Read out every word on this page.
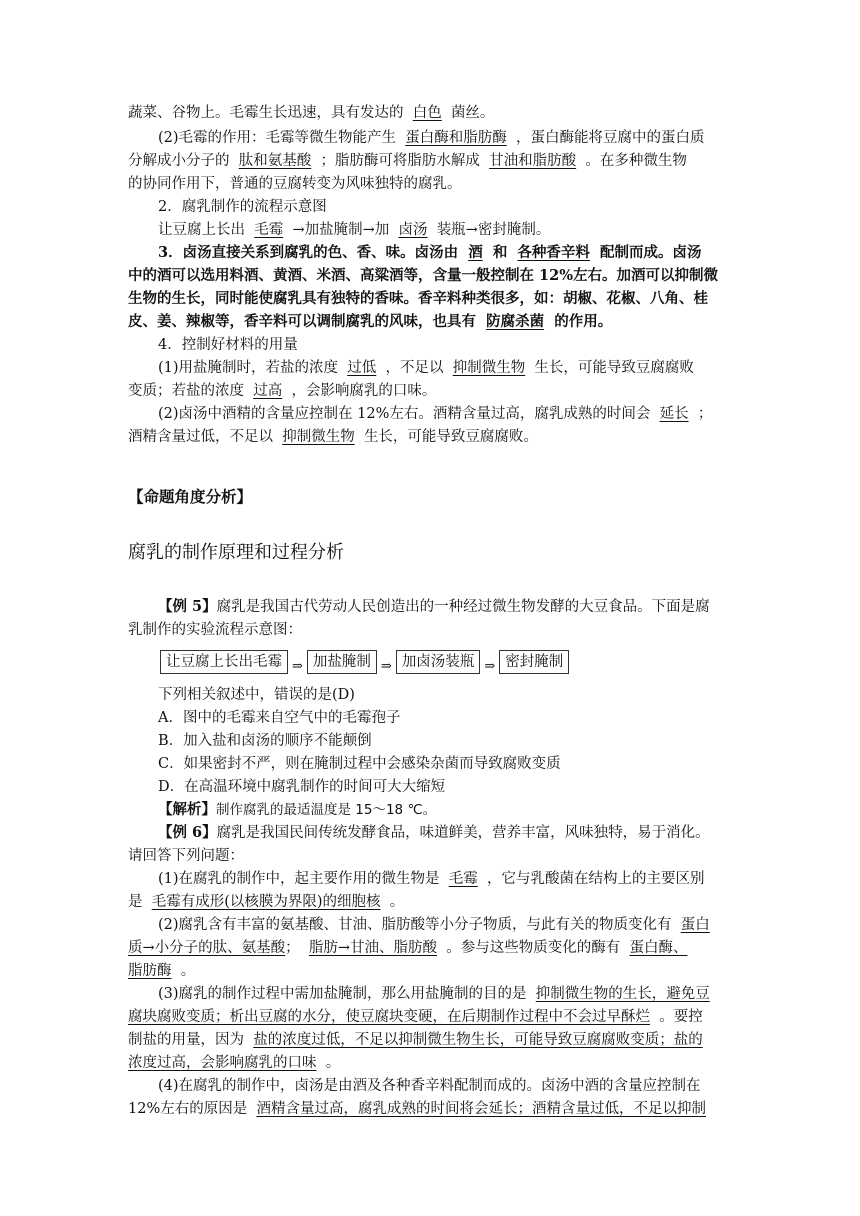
蔬菜、谷物上。毛霉生长迅速，具有发达的 白色 菌丝。
(2)毛霉的作用：毛霉等微生物能产生 蛋白酶和脂肪酶 ，蛋白酶能将豆腐中的蛋白质
分解成小分子的 肽和氨基酸 ；脂肪酶可将脂肪水解成 甘油和脂肪酸 。在多种微生物
的协同作用下，普通的豆腐转变为风味独特的腐乳。
2．腐乳制作的流程示意图
让豆腐上长出 毛霉 →加盐腌制→加 卤汤 装瓶→密封腌制。
3．卤汤直接关系到腐乳的色、香、味。卤汤由 酒 和 各种香辛料 配制而成。卤汤
中的酒可以选用料酒、黄酒、米酒、高粱酒等，含量一般控制在 12%左右。加酒可以抑制微
生物的生长，同时能使腐乳具有独特的香味。香辛料种类很多，如：胡椒、花椒、八角、桂
皮、姜、辣椒等，香辛料可以调制腐乳的风味，也具有 防腐杀菌 的作用。
4．控制好材料的用量
(1)用盐腌制时，若盐的浓度 过低 ，不足以 抑制微生物 生长，可能导致豆腐腐败
变质；若盐的浓度 过高 ，会影响腐乳的口味。
(2)卤汤中酒精的含量应控制在 12%左右。酒精含量过高，腐乳成熟的时间会 延长 ；
酒精含量过低，不足以 抑制微生物 生长，可能导致豆腐腐败。
【命题角度分析】
腐乳的制作原理和过程分析
【例 5】腐乳是我国古代劳动人民创造出的一种经过微生物发酵的大豆食品。下面是腐
乳制作的实验流程示意图：
让豆腐上长出毛霉 ⇒ 加盐腌制 ⇒ 加卤汤装瓶 ⇒ 密封腌制
下列相关叙述中，错误的是(D)
A．图中的毛霉来自空气中的毛霉孢子
B．加入盐和卤汤的顺序不能颠倒
C．如果密封不严，则在腌制过程中会感染杂菌而导致腐败变质
D．在高温环境中腐乳制作的时间可大大缩短
【解析】制作腐乳的最适温度是 15～18 ℃。
【例 6】腐乳是我国民间传统发酵食品，味道鲜美，营养丰富，风味独特，易于消化。
请回答下列问题：
(1)在腐乳的制作中，起主要作用的微生物是 毛霉 ，它与乳酸菌在结构上的主要区别
是 毛霉有成形(以核膜为界限)的细胞核 。
(2)腐乳含有丰富的氨基酸、甘油、脂肪酸等小分子物质，与此有关的物质变化有 蛋白
质→小分子的肽、氨基酸； 脂肪→甘油、脂肪酸 。参与这些物质变化的酶有 蛋白酶、
脂肪酶 。
(3)腐乳的制作过程中需加盐腌制，那么用盐腌制的目的是 抑制微生物的生长，避免豆
腐块腐败变质；析出豆腐的水分，使豆腐块变硬，在后期制作过程中不会过早酥烂 。要控
制盐的用量，因为 盐的浓度过低，不足以抑制微生物生长，可能导致豆腐腐败变质；盐的
浓度过高，会影响腐乳的口味 。
(4)在腐乳的制作中，卤汤是由酒及各种香辛料配制而成的。卤汤中酒的含量应控制在
12%左右的原因是 酒精含量过高，腐乳成熟的时间将会延长；酒精含量过低，不足以抑制
